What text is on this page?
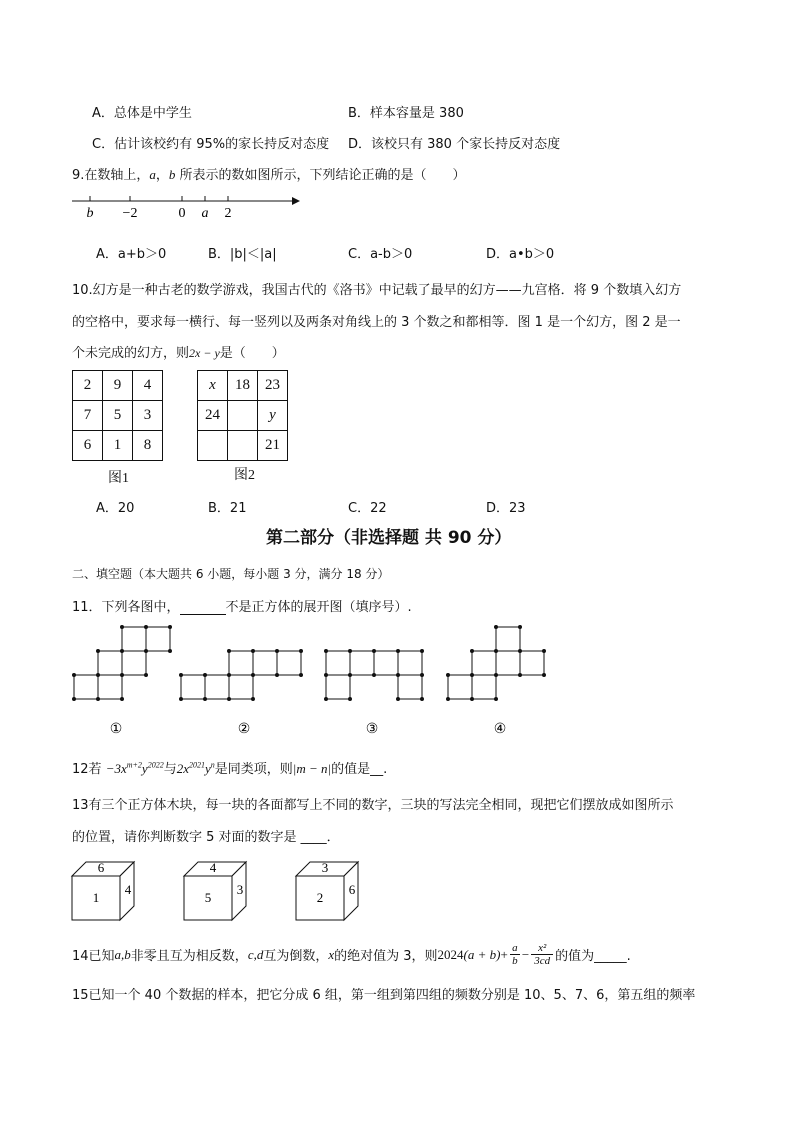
A．总体是中学生	B．样本容量是 380
C．估计该校约有 95%的家长持反对态度 D．该校只有 380 个家长持反对态度
9.在数轴上，a，b 所表示的数如图所示，下列结论正确的是（　　）
b −2	0 a 2
A．a+b＞0	B．|b|＜|a|	C．a-b＞0	D．a•b＞0
10.幻方是一种古老的数学游戏，我国古代的《洛书》中记载了最早的幻方——九宫格．将 9 个数填入幻方
的空格中，要求每一横行、每一竖列以及两条对角线上的 3 个数之和都相等．图 1 是一个幻方，图 2 是一
个未完成的幻方，则2x − y是（　　）
2	9	4
7	5	3
6	1	8
图1
x	18	23
24		y
		21
图2
A．20	B．21	C．22	D．23
第二部分（非选择题 共 90 分）
二、填空题（本大题共 6 小题，每小题 3 分，满分 18 分）
11．下列各图中，	不是正方体的展开图（填序号）.
①	②	③	④
12若 $-3x^{m+2}y^{2022}$与$2x^{2021}y^n$是同类项，则|m − n|的值是__.
13有三个正方体木块，每一块的各面都写上不同的数字，三块的写法完全相同，现把它们摆放成如图所示
的位置，请你判断数字 5 对面的数字是 ____．
6
1
4
4
5
3
3
2
6
14已知 a,b 非零且互为相反数， c,d 互为倒数， x 的绝对值为 3，则 2024 (a + b) + a
b − x²
3cd 的值为_____.
15已知一个 40 个数据的样本，把它分成 6 组，第一组到第四组的频数分别是 10、5、7、6，第五组的频率
